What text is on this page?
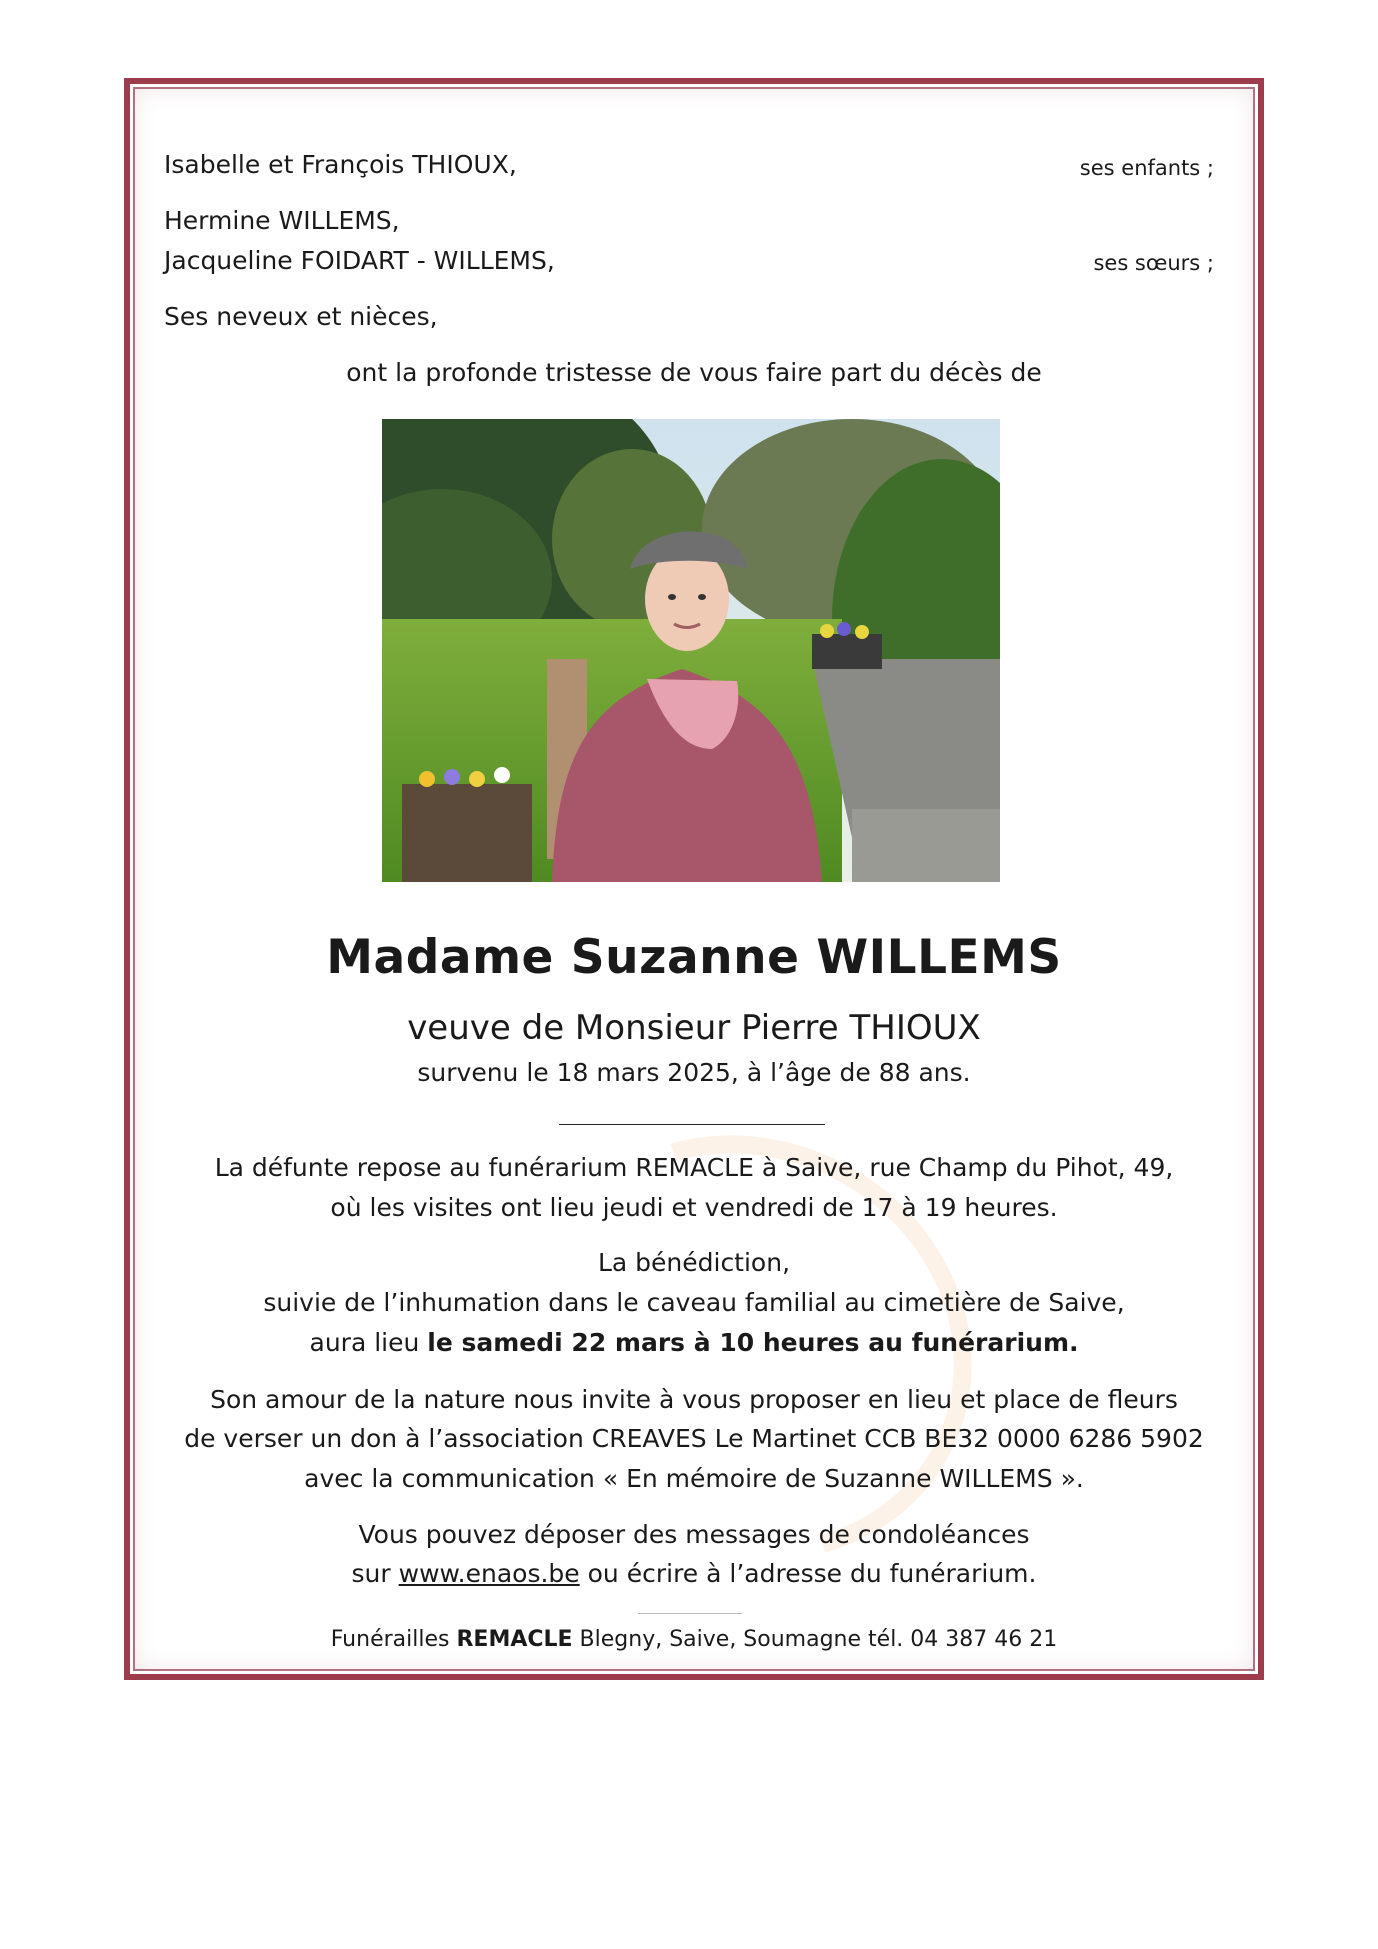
Isabelle et François THIOUX,	ses enfants ;
Hermine WILLEMS,
Jacqueline FOIDART - WILLEMS,	ses sœurs ;
Ses neveux et nièces,
ont la profonde tristesse de vous faire part du décès de
Madame Suzanne WILLEMS
veuve de Monsieur Pierre THIOUX
survenu le 18 mars 2025, à l’âge de 88 ans.
La défunte repose au funérarium REMACLE à Saive, rue Champ du Pihot, 49,
où les visites ont lieu jeudi et vendredi de 17 à 19 heures.
La bénédiction,
suivie de l’inhumation dans le caveau familial au cimetière de Saive,
aura lieu le samedi 22 mars à 10 heures au funérarium.
Son amour de la nature nous invite à vous proposer en lieu et place de fleurs
de verser un don à l’association CREAVES Le Martinet CCB BE32 0000 6286 5902
avec la communication « En mémoire de Suzanne WILLEMS ».
Vous pouvez déposer des messages de condoléances
sur www.enaos.be ou écrire à l’adresse du funérarium.
Funérailles REMACLE Blegny, Saive, Soumagne tél. 04 387 46 21
